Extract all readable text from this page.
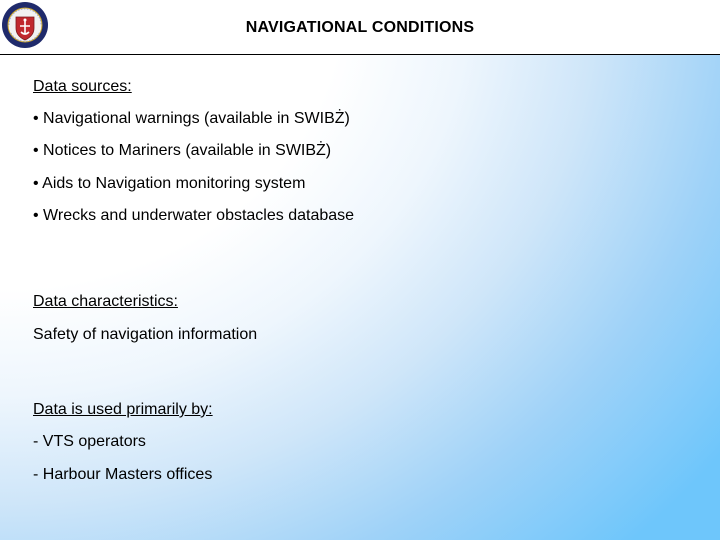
NAVIGATIONAL CONDITIONS
Data sources:
• Navigational warnings (available in SWIBŻ)
• Notices to Mariners (available in SWIBŻ)
• Aids to Navigation monitoring system
• Wrecks and underwater obstacles database
Data characteristics:
Safety of navigation information
Data is used primarily by:
- VTS operators
- Harbour Masters offices
